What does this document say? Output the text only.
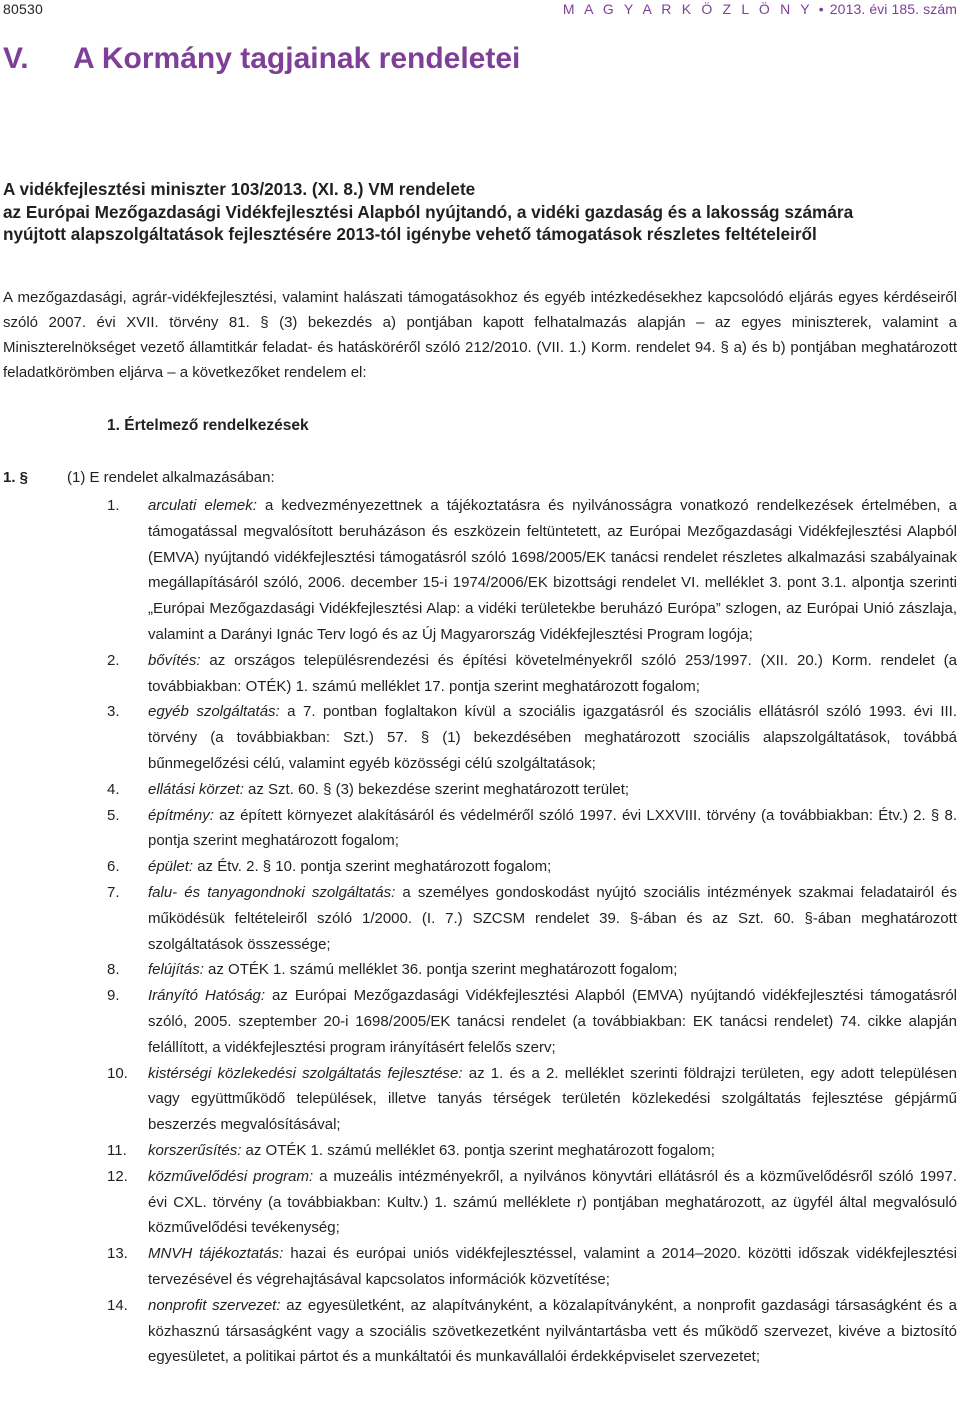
80530	M A G Y A R K Ö Z L Ö N Y • 2013. évi 185. szám
V. A Kormány tagjainak rendeletei
A vidékfejlesztési miniszter 103/2013. (XI. 8.) VM rendelete
az Európai Mezőgazdasági Vidékfejlesztési Alapból nyújtandó, a vidéki gazdaság és a lakosság számára
nyújtott alapszolgáltatások fejlesztésére 2013-tól igénybe vehető támogatások részletes feltételeiről

A mezőgazdasági, agrár-vidékfejlesztési, valamint halászati támogatásokhoz és egyéb intézkedésekhez kapcsolódó eljárás egyes kérdéseiről szóló 2007. évi XVII. törvény 81. § (3) bekezdés a) pontjában kapott felhatalmazás alapján – az egyes miniszterek, valamint a Miniszterelnökséget vezető államtitkár feladat- és hatásköréről szóló 212/2010. (VII. 1.) Korm. rendelet 94. § a) és b) pontjában meghatározott feladatkörömben eljárva – a következőket rendelem el:

1. Értelmező rendelkezések

1. §	(1) E rendelet alkalmazásában:

1.	arculati elemek: a kedvezményezettnek a tájékoztatásra és nyilvánosságra vonatkozó rendelkezések értelmében, a támogatással megvalósított beruházáson és eszközein feltüntetett, az Európai Mezőgazdasági Vidékfejlesztési Alapból (EMVA) nyújtandó vidékfejlesztési támogatásról szóló 1698/2005/EK tanácsi rendelet részletes alkalmazási szabályainak megállapításáról szóló, 2006. december 15-i 1974/2006/EK bizottsági rendelet VI. melléklet 3. pont 3.1. alpontja szerinti „Európai Mezőgazdasági Vidékfejlesztési Alap: a vidéki területekbe beruházó Európa” szlogen, az Európai Unió zászlaja, valamint a Darányi Ignác Terv logó és az Új Magyarország Vidékfejlesztési Program logója;
2.	bővítés: az országos településrendezési és építési követelményekről szóló 253/1997. (XII. 20.) Korm. rendelet (a továbbiakban: OTÉK) 1. számú melléklet 17. pontja szerint meghatározott fogalom;
3.	egyéb szolgáltatás: a 7. pontban foglaltakon kívül a szociális igazgatásról és szociális ellátásról szóló 1993. évi III. törvény (a továbbiakban: Szt.) 57. § (1) bekezdésében meghatározott szociális alapszolgáltatások, továbbá bűnmegelőzési célú, valamint egyéb közösségi célú szolgáltatások;
4.	ellátási körzet: az Szt. 60. § (3) bekezdése szerint meghatározott terület;
5.	építmény: az épített környezet alakításáról és védelméről szóló 1997. évi LXXVIII. törvény (a továbbiakban: Étv.) 2. § 8. pontja szerint meghatározott fogalom;
6.	épület: az Étv. 2. § 10. pontja szerint meghatározott fogalom;
7.	falu- és tanyagondnoki szolgáltatás: a személyes gondoskodást nyújtó szociális intézmények szakmai feladatairól és működésük feltételeiről szóló 1/2000. (I. 7.) SZCSM rendelet 39. §-ában és az Szt. 60. §-ában meghatározott szolgáltatások összessége;
8.	felújítás: az OTÉK 1. számú melléklet 36. pontja szerint meghatározott fogalom;
9.	Irányító Hatóság: az Európai Mezőgazdasági Vidékfejlesztési Alapból (EMVA) nyújtandó vidékfejlesztési támogatásról szóló, 2005. szeptember 20-i 1698/2005/EK tanácsi rendelet (a továbbiakban: EK tanácsi rendelet) 74. cikke alapján felállított, a vidékfejlesztési program irányításért felelős szerv;
10.	kistérségi közlekedési szolgáltatás fejlesztése: az 1. és a 2. melléklet szerinti földrajzi területen, egy adott településen vagy együttműködő települések, illetve tanyás térségek területén közlekedési szolgáltatás fejlesztése gépjármű beszerzés megvalósításával;
11.	korszerűsítés: az OTÉK 1. számú melléklet 63. pontja szerint meghatározott fogalom;
12.	közművelődési program: a muzeális intézményekről, a nyilvános könyvtári ellátásról és a közművelődésről szóló 1997. évi CXL. törvény (a továbbiakban: Kultv.) 1. számú melléklete r) pontjában meghatározott, az ügyfél által megvalósuló közművelődési tevékenység;
13.	MNVH tájékoztatás: hazai és európai uniós vidékfejlesztéssel, valamint a 2014–2020. közötti időszak vidékfejlesztési tervezésével és végrehajtásával kapcsolatos információk közvetítése;
14.	nonprofit szervezet: az egyesületként, az alapítványként, a közalapítványként, a nonprofit gazdasági társaságként és a közhasznú társaságként vagy a szociális szövetkezetként nyilvántartásba vett és működő szervezet, kivéve a biztosító egyesületet, a politikai pártot és a munkáltatói és munkavállalói érdekképviselet szervezetet;
